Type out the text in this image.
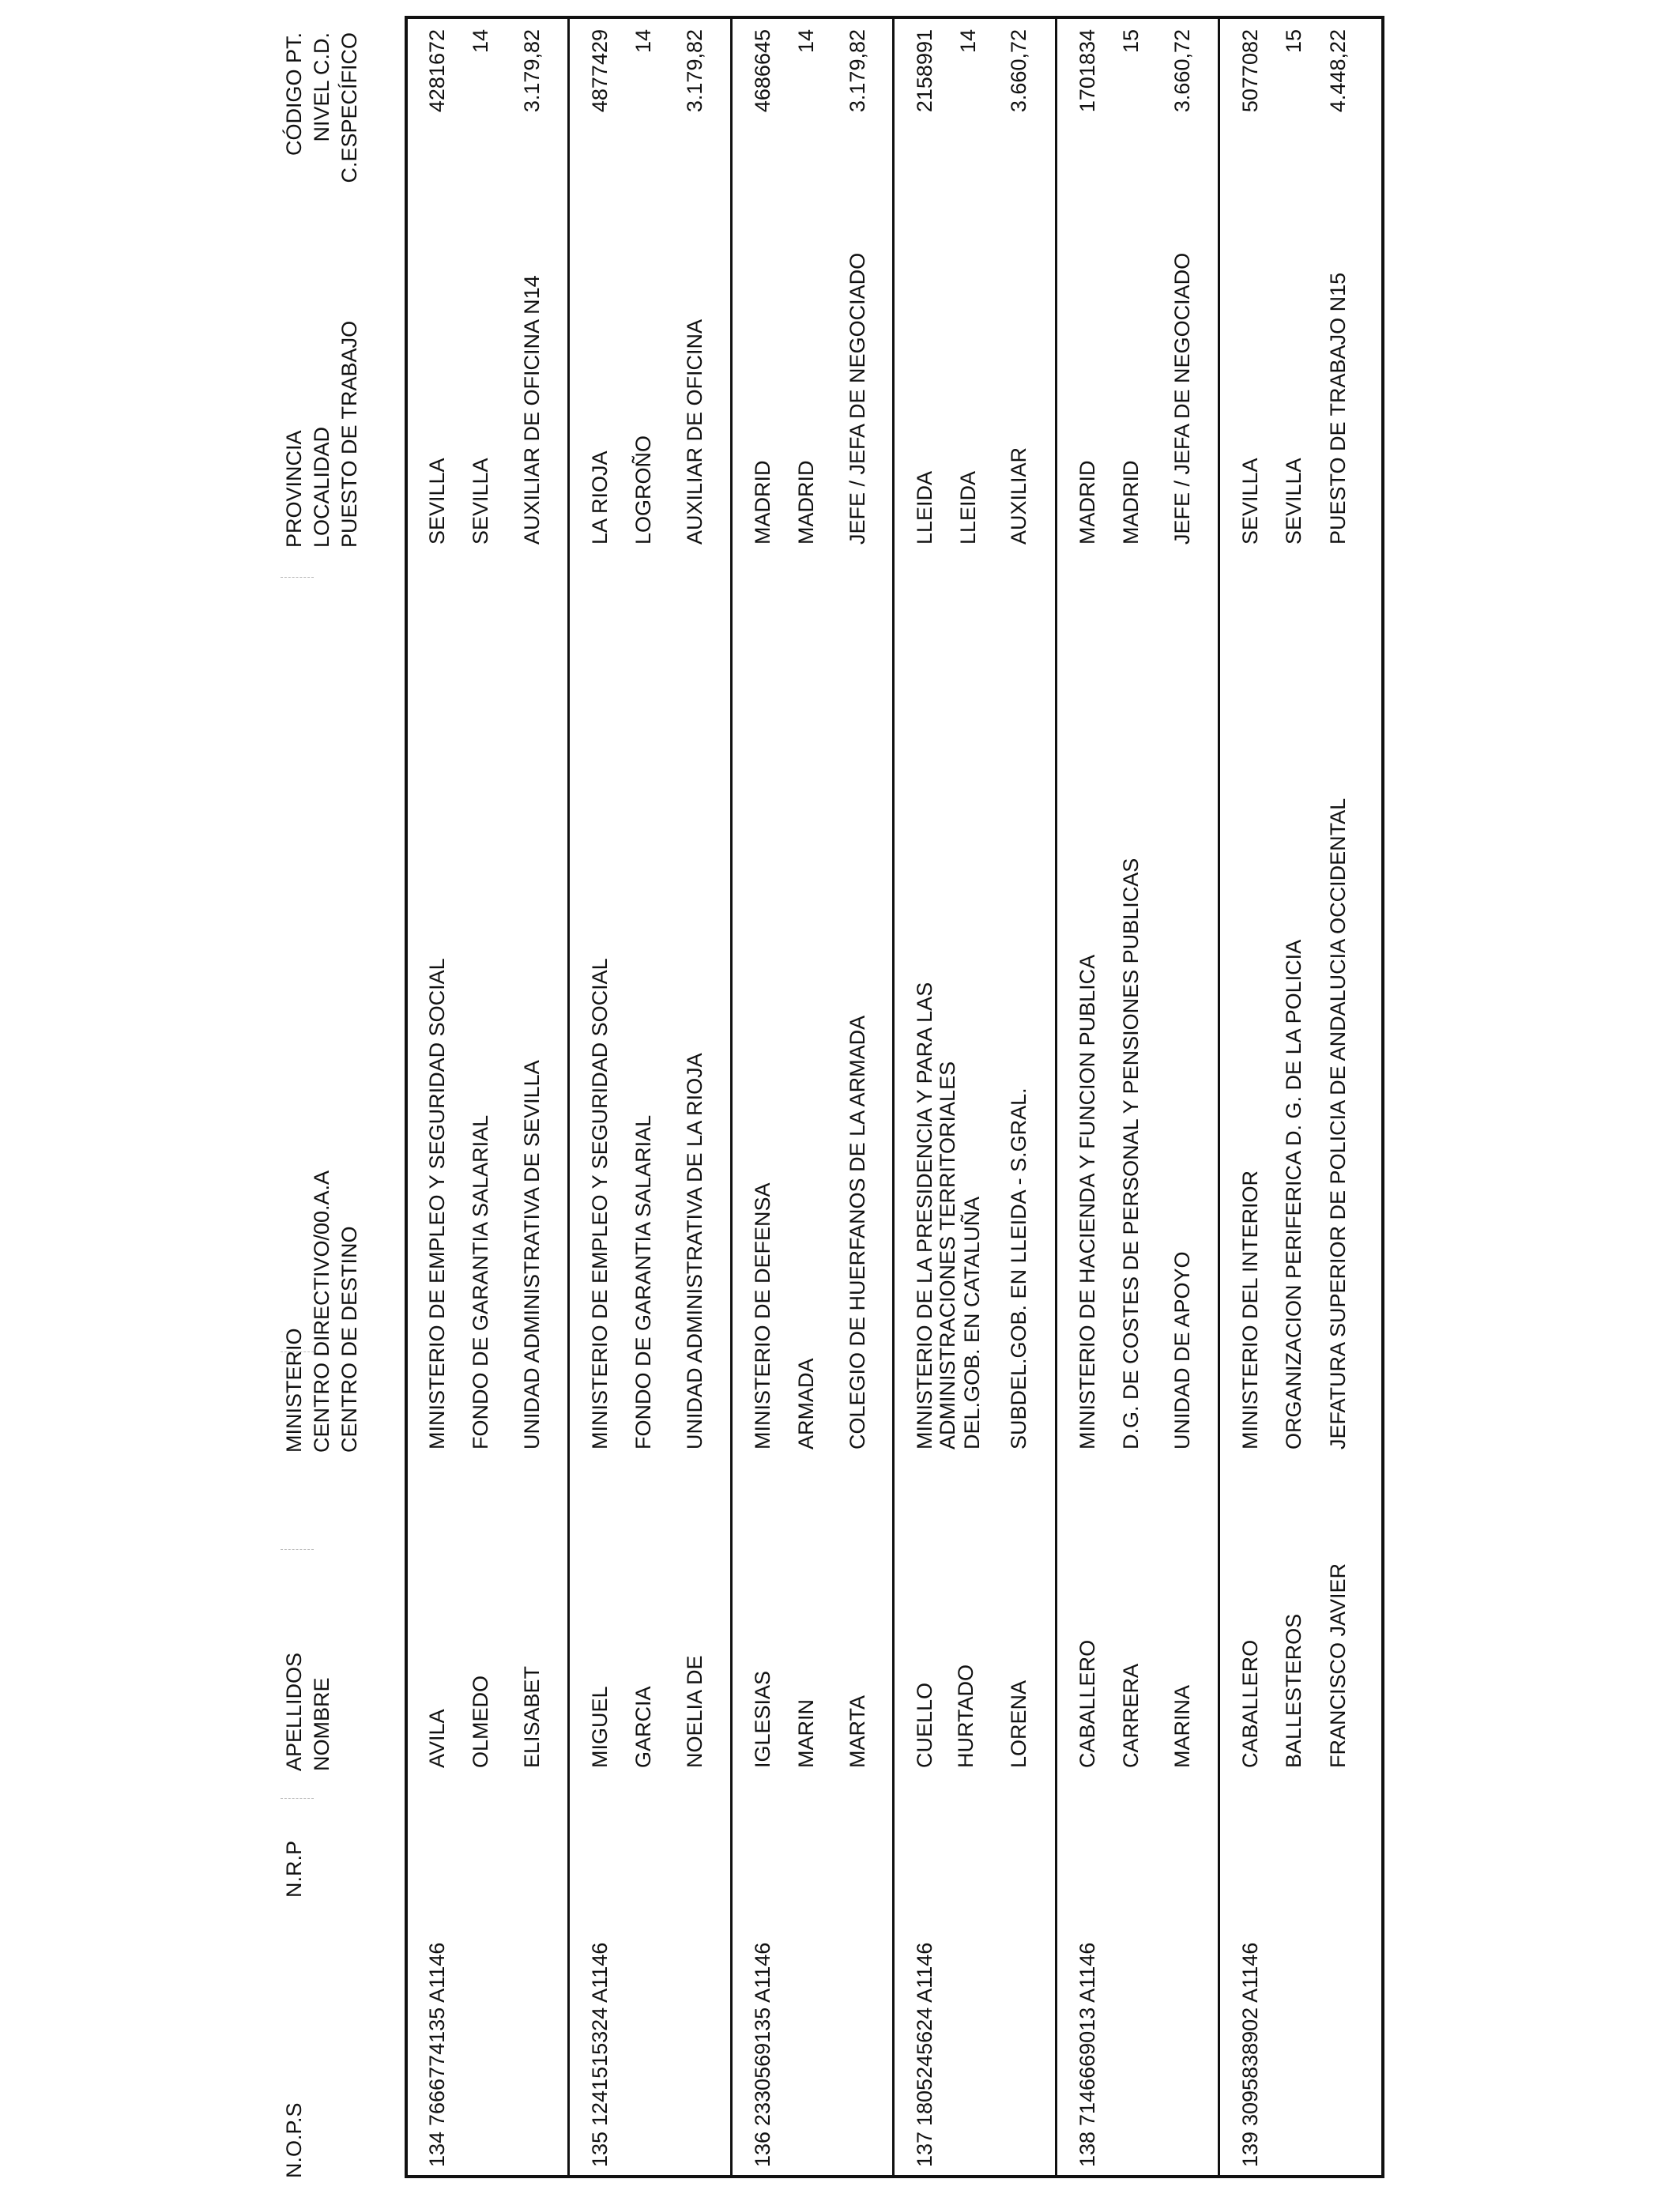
N.O.P.S
N.R.P
APELLIDOS NOMBRE
MINISTERIO CENTRO DIRECTIVO/00.A.A CENTRO DE DESTINO
PROVINCIA LOCALIDAD PUESTO DE TRABAJO
CÓDIGO PT. NIVEL C.D. C.ESPECÍFICO
134
7666774135 A1146
AVILA OLMEDO ELISABET
MINISTERIO DE EMPLEO Y SEGURIDAD SOCIAL FONDO DE GARANTIA SALARIAL UNIDAD ADMINISTRATIVA DE SEVILLA
SEVILLA SEVILLA AUXILIAR DE OFICINA N14
4281672 14 3.179,82
135
1241515324 A1146
MIGUEL GARCIA NOELIA DE
MINISTERIO DE EMPLEO Y SEGURIDAD SOCIAL FONDO DE GARANTIA SALARIAL UNIDAD ADMINISTRATIVA DE LA RIOJA
LA RIOJA LOGROÑO AUXILIAR DE OFICINA
4877429 14 3.179,82
136
2330569135 A1146
IGLESIAS MARIN MARTA
MINISTERIO DE DEFENSA ARMADA COLEGIO DE HUERFANOS DE LA ARMADA
MADRID MADRID JEFE / JEFA DE NEGOCIADO
4686645 14 3.179,82
137
1805245624 A1146
CUELLO HURTADO LORENA
MINISTERIO DE LA PRESIDENCIA Y PARA LAS ADMINISTRACIONES TERRITORIALES DEL.GOB. EN CATALUÑA SUBDEL.GOB. EN LLEIDA - S.GRAL.
LLEIDA LLEIDA AUXILIAR
2158991 14 3.660,72
138
7146669013 A1146
CABALLERO CARRERA MARINA
MINISTERIO DE HACIENDA Y FUNCION PUBLICA D.G. DE COSTES DE PERSONAL Y PENSIONES PUBLICAS UNIDAD DE APOYO
MADRID MADRID JEFE / JEFA DE NEGOCIADO
1701834 15 3.660,72
139
3095838902 A1146
CABALLERO BALLESTEROS FRANCISCO JAVIER
MINISTERIO DEL INTERIOR ORGANIZACION PERIFERICA D. G. DE LA POLICIA JEFATURA SUPERIOR DE POLICIA DE ANDALUCIA OCCIDENTAL
SEVILLA SEVILLA PUESTO DE TRABAJO N15
5077082 15 4.448,22
